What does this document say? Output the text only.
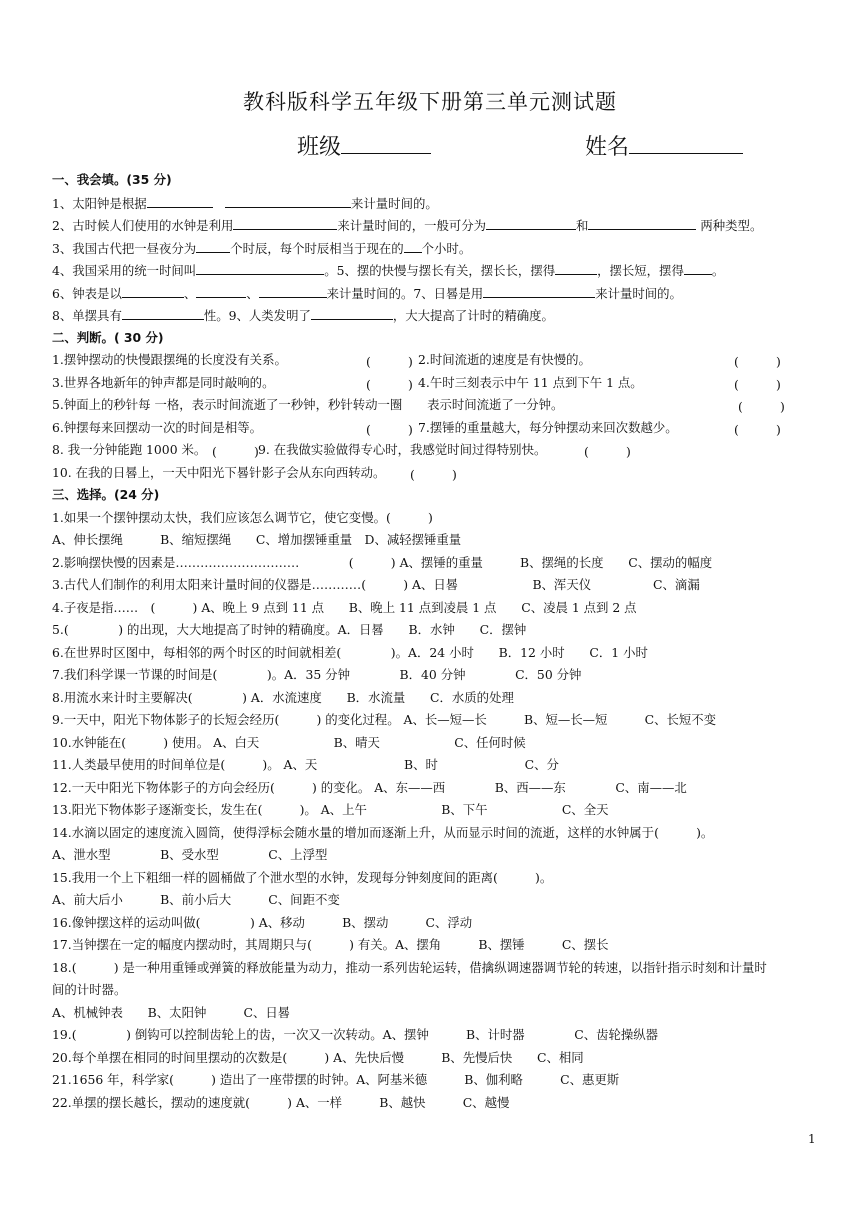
教科版科学五年级下册第三单元测试题
班级	姓名
一、我会填。(35 分)
1、太阳钟是根据　	来计量时间的。
2、古时候人们使用的水钟是利用	来计量时间的，一般可分为	和	两种类型。
3、我国古代把一昼夜分为	个时辰，每个时辰相当于现在的 个小时。
4、我国采用的统一时间叫	。5、摆的快慢与摆长有关，摆长长，摆得	，摆长短，摆得 。
6、钟表是以	、	、	来计量时间的。7、日晷是用	来计量时间的。
8、单摆具有	性。9、人类发明了	，大大提高了计时的精确度。
二、判断。( 30 分)
1.摆钟摆动的快慢跟摆绳的长度没有关系。	(　　　) 2.时间流逝的速度是有快慢的。	(　　　)
3.世界各地新年的钟声都是同时敲响的。	(　　　) 4.午时三刻表示中午 11 点到下午 1 点。	(　　　)
5.钟面上的秒针每 一格，表示时间流逝了一秒钟，秒针转动一圈　　 表示时间流逝了一分钟。	(　　　)
6.钟摆每来回摆动一次的时间是相等。	(　　　) 7.摆锤的重量越大，每分钟摆动来回次数越少。	(　　　)
8. 我一分钟能跑 1000 米。 (　　　) 9. 在我做实验做得专心时，我感觉时间过得特别快。	(　　　)
10. 在我的日晷上，一天中阳光下晷针影子会从东向西转动。 (　　　)
三、选择。(24 分)
1.如果一个摆钟摆动太快，我们应该怎么调节它，使它变慢。(　　　)
A、伸长摆绳　　　B、缩短摆绳　　C、增加摆锤重量　D、减轻摆锤重量
2.影响摆快慢的因素是…………………………　　　　(　　　) A、摆锤的重量　　　B、摆绳的长度　　C、摆动的幅度
3.古代人们制作的利用太阳来计量时间的仪器是…………(　　　) A、日晷　　　　　　B、浑天仪　　　　　C、滴漏
4.子夜是指……　(　　　) A、晚上 9 点到 11 点　　B、晚上 11 点到凌晨 1 点　　C、凌晨 1 点到 2 点
5.(　　　　) 的出现，大大地提高了时钟的精确度。A．日晷　　B．水钟　　C．摆钟
6.在世界时区图中，每相邻的两个时区的时间就相差(　　　　)。A．24 小时　　B．12 小时　　C．1 小时
7.我们科学课一节课的时间是(　　　　)。A．35 分钟　　　　B．40 分钟　　　　C．50 分钟
8.用流水来计时主要解决(　　　　) A．水流速度　　B．水流量　　C．水质的处理
9.一天中，阳光下物体影子的长短会经历(　　　) 的变化过程。 A、长—短—长　　　B、短—长—短　　　C、长短不变
10.水钟能在(　　　) 使用。 A、白天　　　　　　B、晴天　　　　　　C、任何时候
11.人类最早使用的时间单位是(　　　)。 A、天　　　　　　　B、时　　　　　　　C、分
12.一天中阳光下物体影子的方向会经历(　　　) 的变化。 A、东——西　　　　B、西——东　　　　C、南——北
13.阳光下物体影子逐渐变长，发生在(　　　)。 A、上午　　　　　　B、下午　　　　　　C、全天
14.水滴以固定的速度流入圆筒，使得浮标会随水量的增加而逐渐上升，从而显示时间的流逝，这样的水钟属于(　　　)。
A、泄水型　　　　B、受水型　　　　C、上浮型
15.我用一个上下粗细一样的圆桶做了个泄水型的水钟，发现每分钟刻度间的距离(　　　)。
A、前大后小　　　B、前小后大　　　C、间距不变
16.像钟摆这样的运动叫做(　　　　) A、移动　　　B、摆动　　　C、浮动
17.当钟摆在一定的幅度内摆动时，其周期只与(　　　) 有关。A、摆角　　　B、摆锤　　　C、摆长
18.(　　　) 是一种用重锤或弹簧的释放能量为动力，推动一系列齿轮运转，借擒纵调速器调节轮的转速，以指针指示时刻和计量时
间的计时器。
A、机械钟表　　B、太阳钟　　　C、日晷
19.(　　　　) 倒钩可以控制齿轮上的齿，一次又一次转动。A、摆钟　　　B、计时器　　　　C、齿轮操纵器
20.每个单摆在相同的时间里摆动的次数是(　　　) A、先快后慢　　　B、先慢后快　　C、相同
21.1656 年，科学家(　　　) 造出了一座带摆的时钟。A、阿基米德　　　B、伽利略　　　C、惠更斯
22.单摆的摆长越长，摆动的速度就(　　　) A、一样　　　B、越快　　　C、越慢
1
